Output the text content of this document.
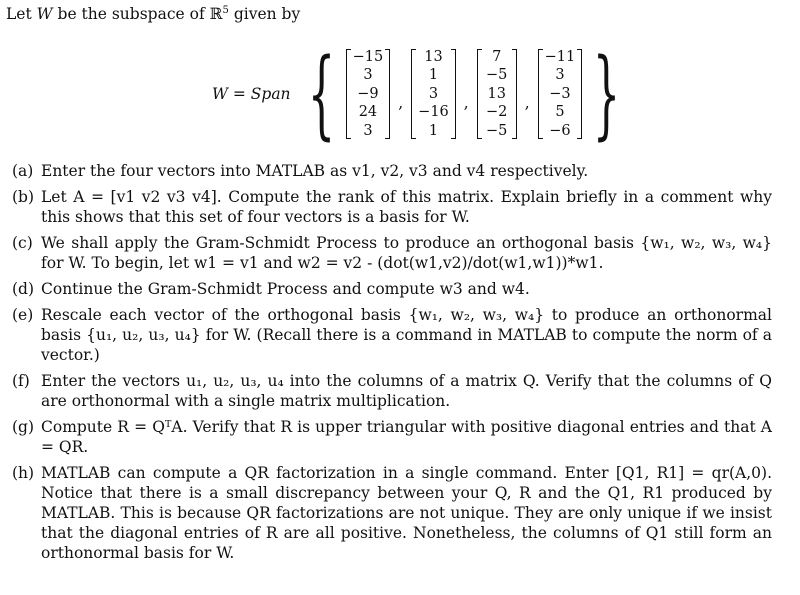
Let W be the subspace of ℝ$^5$ given by
W = Span { −15
3
−9
24
3
,
13
1
3
−16
1
,
7
−5
13
−2
−5
,
−11
3
−3
5
−6 }
(a) Enter the four vectors into MATLAB as v1, v2, v3 and v4 respectively.
(b) Let A = [v1 v2 v3 v4]. Compute the rank of this matrix. Explain briefly in a comment why this shows that this set of four vectors is a basis for W.
(c) We shall apply the Gram-Schmidt Process to produce an orthogonal basis {w₁, w₂, w₃, w₄} for W. To begin, let w1 = v1 and w2 = v2 - (dot(w1,v2)/dot(w1,w1))*w1.
(d) Continue the Gram-Schmidt Process and compute w3 and w4.
(e) Rescale each vector of the orthogonal basis {w₁, w₂, w₃, w₄} to produce an orthonormal basis {u₁, u₂, u₃, u₄} for W. (Recall there is a command in MATLAB to compute the norm of a vector.)
(f) Enter the vectors u₁, u₂, u₃, u₄ into the columns of a matrix Q. Verify that the columns of Q are orthonormal with a single matrix multiplication.
(g) Compute R = QᵀA. Verify that R is upper triangular with positive diagonal entries and that A = QR.
(h) MATLAB can compute a QR factorization in a single command. Enter [Q1, R1] = qr(A,0). Notice that there is a small discrepancy between your Q, R and the Q1, R1 produced by MATLAB. This is because QR factorizations are not unique. They are only unique if we insist that the diagonal entries of R are all positive. Nonetheless, the columns of Q1 still form an orthonormal basis for W.
